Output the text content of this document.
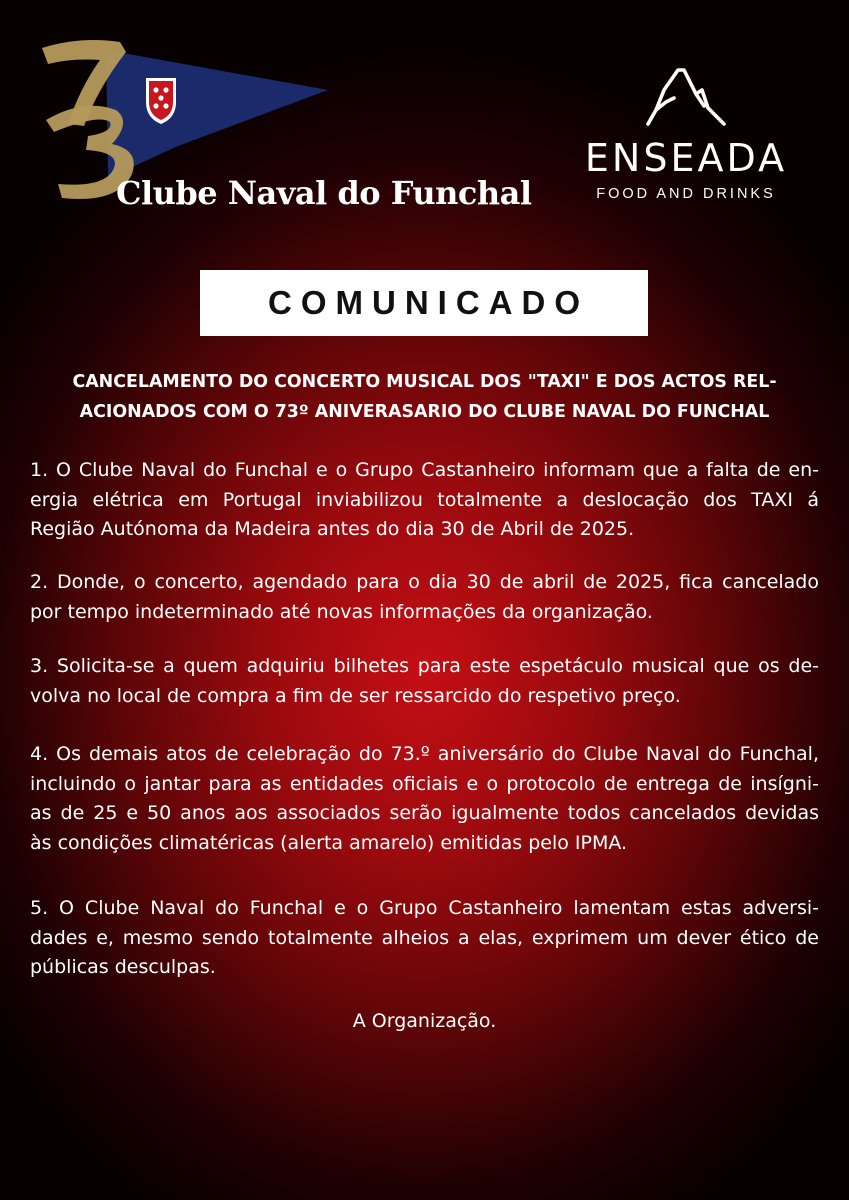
Clube Naval do Funchal
ENSEADA
FOOD AND DRINKS
COMUNICADO
CANCELAMENTO DO CONCERTO MUSICAL DOS "TAXI" E DOS ACTOS REL-
ACIONADOS COM O 73º ANIVERASARIO DO CLUBE NAVAL DO FUNCHAL
1. O Clube Naval do Funchal e o Grupo Castanheiro informam que a falta de en-
ergia elétrica em Portugal inviabilizou totalmente a deslocação dos TAXI á
Região Autónoma da Madeira antes do dia 30 de Abril de 2025.
2. Donde, o concerto, agendado para o dia 30 de abril de 2025, fica cancelado
por tempo indeterminado até novas informações da organização.
3. Solicita-se a quem adquiriu bilhetes para este espetáculo musical que os de-
volva no local de compra a fim de ser ressarcido do respetivo preço.
4. Os demais atos de celebração do 73.º aniversário do Clube Naval do Funchal,
incluindo o jantar para as entidades oficiais e o protocolo de entrega de insígni-
as de 25 e 50 anos aos associados serão igualmente todos cancelados devidas
às condições climatéricas (alerta amarelo) emitidas pelo IPMA.
5. O Clube Naval do Funchal e o Grupo Castanheiro lamentam estas adversi-
dades e, mesmo sendo totalmente alheios a elas, exprimem um dever ético de
públicas desculpas.
A Organização.
